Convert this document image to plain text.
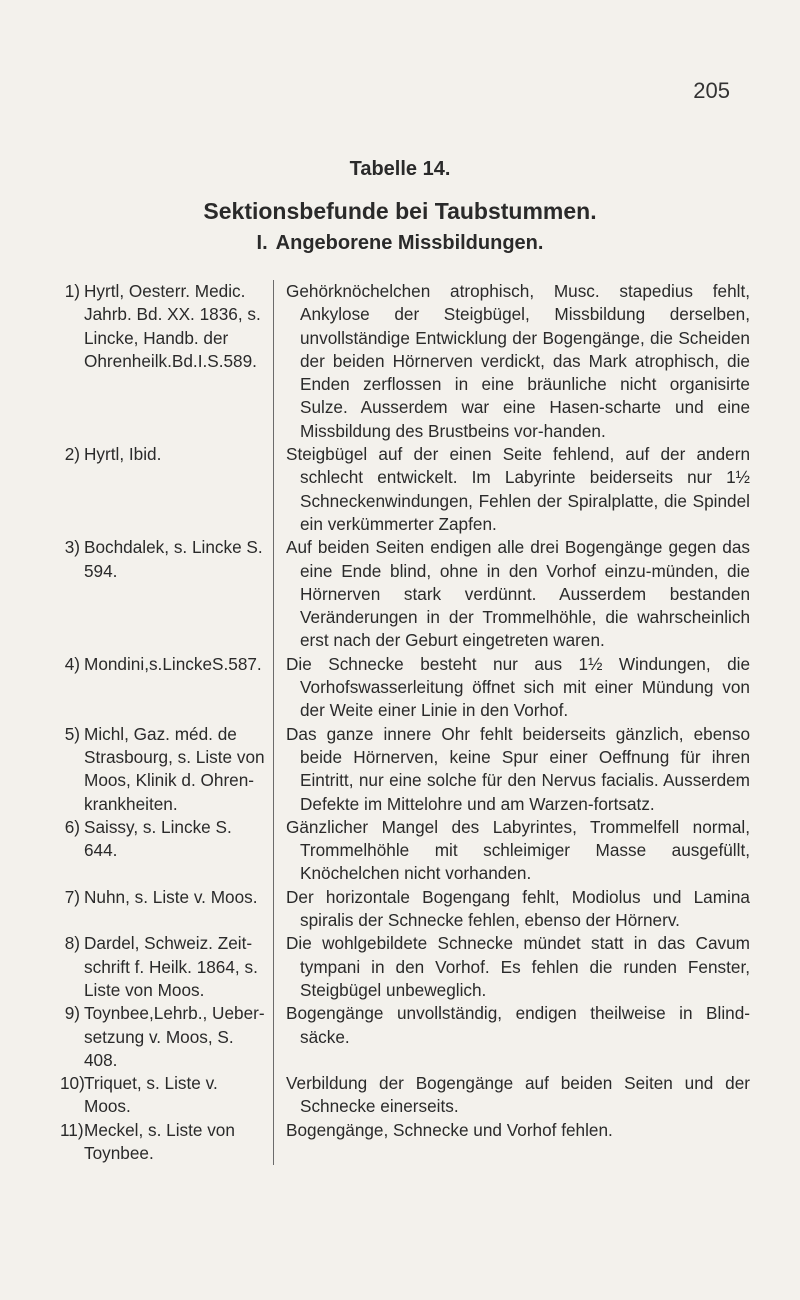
205
Tabelle 14.
Sektionsbefunde bei Taubstummen.
I. Angeborene Missbildungen.
1) Hyrtl, Oesterr. Medic. Jahrb. Bd. XX. 1836, s. Lincke, Handb. der Ohrenheilk.Bd.I.S.589.
Gehörknöchelchen atrophisch, Musc. stapedius fehlt, Ankylose der Steigbügel, Missbildung derselben, unvollständige Entwicklung der Bogengänge, die Scheiden der beiden Hörnerven verdickt, das Mark atrophisch, die Enden zerflossen in eine bräunliche nicht organisirte Sulze. Ausserdem war eine Hasen-scharte und eine Missbildung des Brustbeins vor-handen.
2) Hyrtl, Ibid.	Steigbügel auf der einen Seite fehlend, auf der andern schlecht entwickelt. Im Labyrinte beiderseits nur 1½ Schneckenwindungen, Fehlen der Spiralplatte, die Spindel ein verkümmerter Zapfen.
3) Bochdalek, s. Lincke S. 594.
Auf beiden Seiten endigen alle drei Bogengänge gegen das eine Ende blind, ohne in den Vorhof einzu-münden, die Hörnerven stark verdünnt. Ausserdem bestanden Veränderungen in der Trommelhöhle, die wahrscheinlich erst nach der Geburt eingetreten waren.
4) Mondini,s.LinckeS.587. Die Schnecke besteht nur aus 1½ Windungen, die Vorhofswasserleitung öffnet sich mit einer Mündung von der Weite einer Linie in den Vorhof.
5) Michl, Gaz. méd. de Strasbourg, s. Liste von Moos, Klinik d. Ohren-krankheiten.
Das ganze innere Ohr fehlt beiderseits gänzlich, ebenso beide Hörnerven, keine Spur einer Oeffnung für ihren Eintritt, nur eine solche für den Nervus facialis. Ausserdem Defekte im Mittelohre und am Warzen-fortsatz.
6) Saissy, s. Lincke S. 644.
Gänzlicher Mangel des Labyrintes, Trommelfell normal, Trommelhöhle mit schleimiger Masse ausgefüllt, Knöchelchen nicht vorhanden.
7) Nuhn, s. Liste v. Moos.	Der horizontale Bogengang fehlt, Modiolus und Lamina spiralis der Schnecke fehlen, ebenso der Hörnerv.
8) Dardel, Schweiz. Zeit-schrift f. Heilk. 1864, s. Liste von Moos.
Die wohlgebildete Schnecke mündet statt in das Cavum tympani in den Vorhof. Es fehlen die runden Fenster, Steigbügel unbeweglich.
9) Toynbee,Lehrb., Ueber-setzung v. Moos, S. 408.
Bogengänge unvollständig, endigen theilweise in Blind-säcke.
10) Triquet, s. Liste v. Moos.
Verbildung der Bogengänge auf beiden Seiten und der Schnecke einerseits.
11) Meckel, s. Liste von Toynbee.
Bogengänge, Schnecke und Vorhof fehlen.
